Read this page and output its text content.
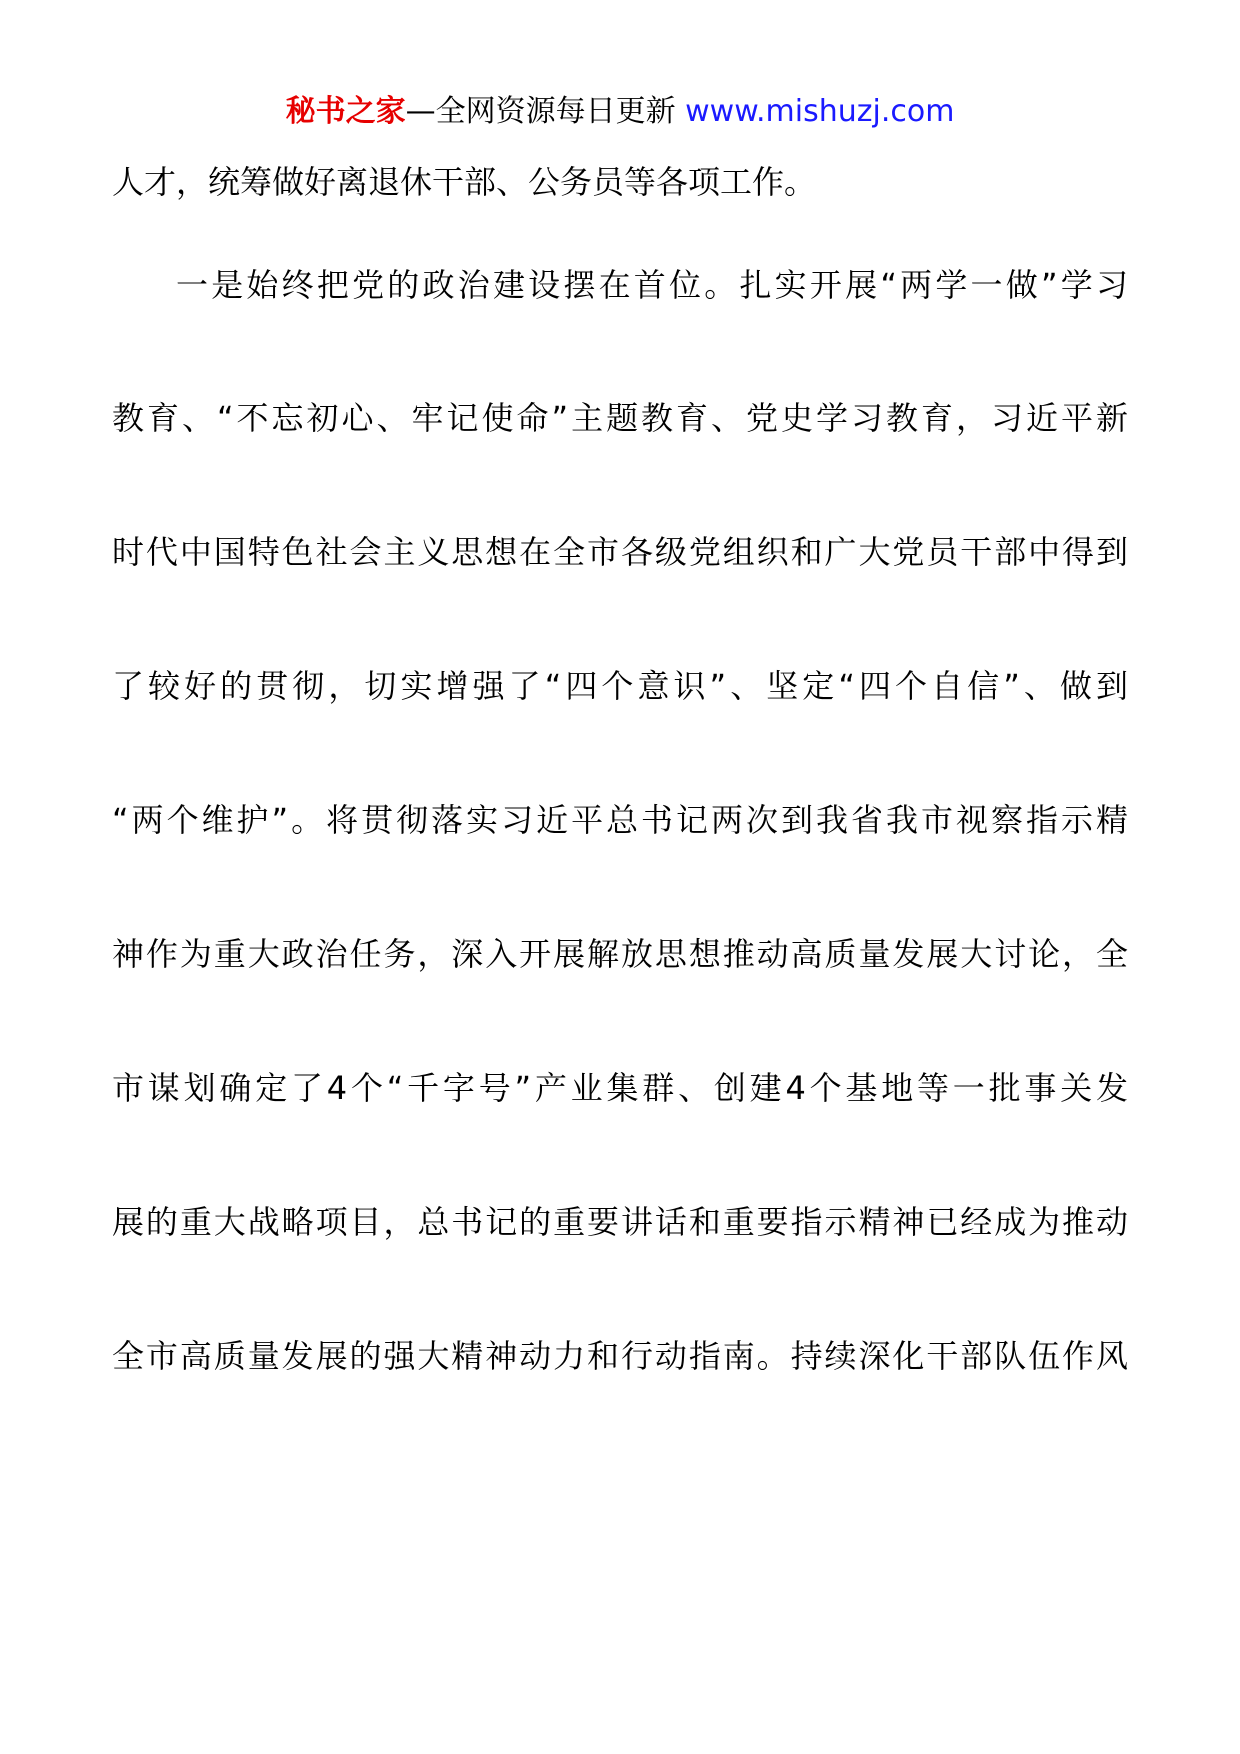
秘书之家—全网资源每日更新 www.mishuzj.com
人才，统筹做好离退休干部、公务员等各项工作。
一是始终把党的政治建设摆在首位。扎实开展“两学一做”学习
教育、“不忘初心、牢记使命”主题教育、党史学习教育，习近平新
时代中国特色社会主义思想在全市各级党组织和广大党员干部中得到
了较好的贯彻，切实增强了“四个意识”、坚定“四个自信”、做到
“两个维护”。将贯彻落实习近平总书记两次到我省我市视察指示精
神作为重大政治任务，深入开展解放思想推动高质量发展大讨论，全
市谋划确定了4个“千字号”产业集群、创建4个基地等一批事关发
展的重大战略项目，总书记的重要讲话和重要指示精神已经成为推动
全市高质量发展的强大精神动力和行动指南。持续深化干部队伍作风
